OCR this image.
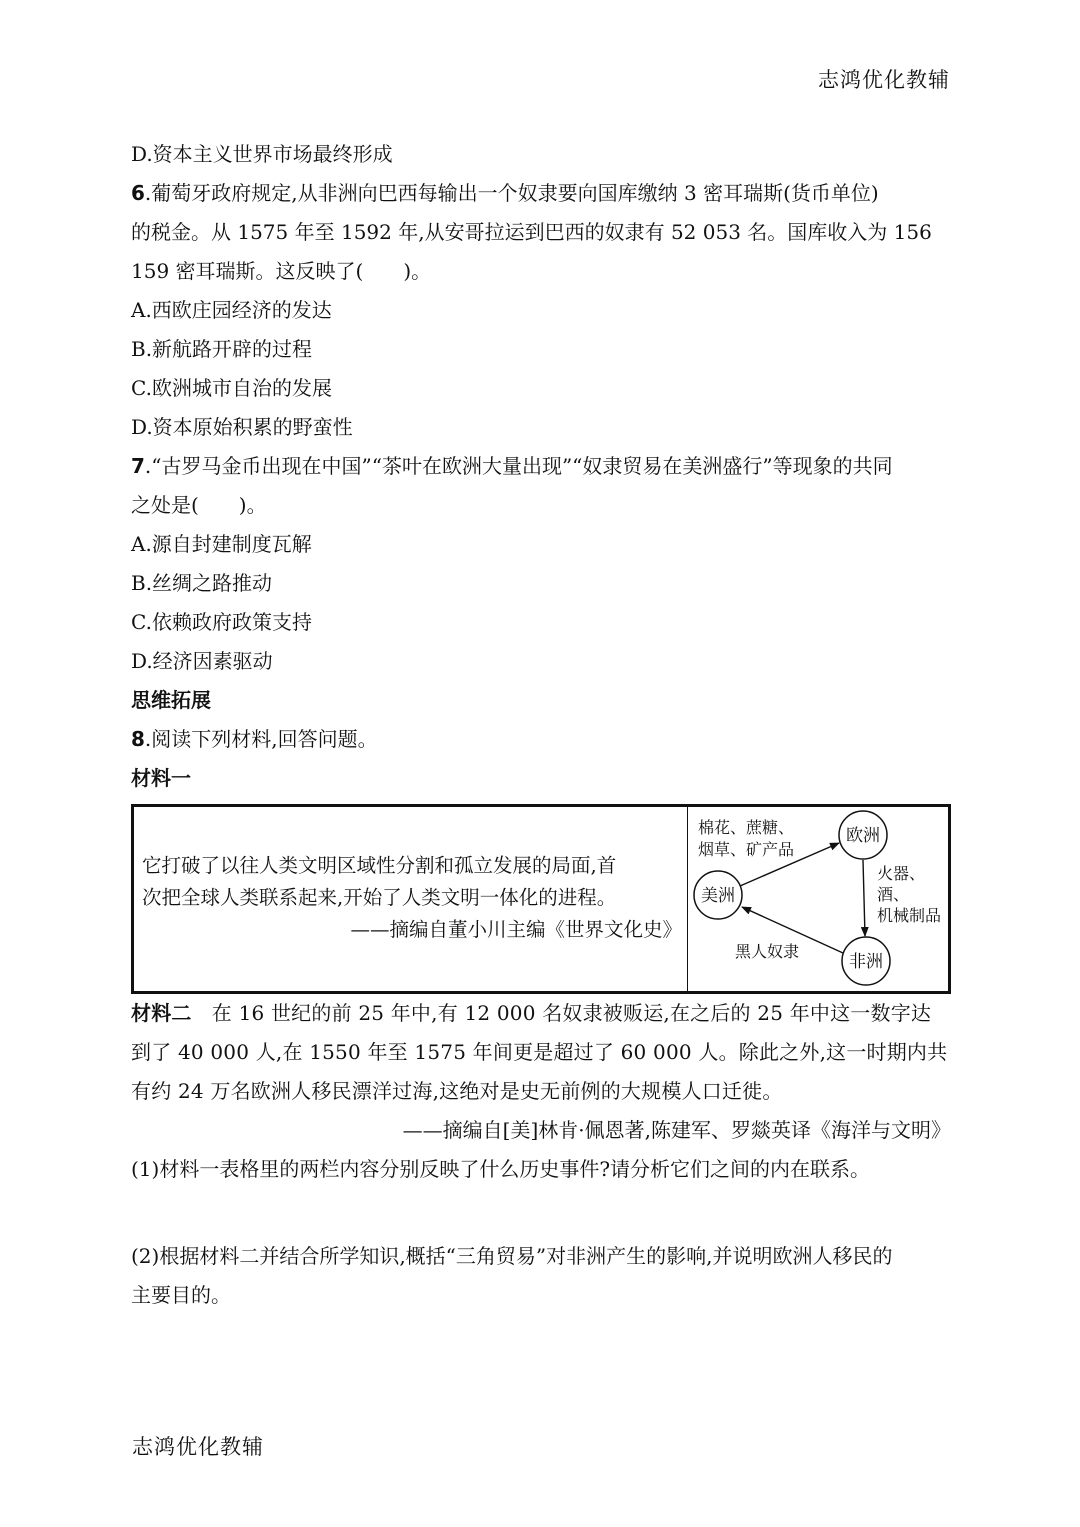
志鸿优化教辅
D.资本主义世界市场最终形成
6.葡萄牙政府规定,从非洲向巴西每输出一个奴隶要向国库缴纳 3 密耳瑞斯(货币单位)
的税金。从 1575 年至 1592 年,从安哥拉运到巴西的奴隶有 52 053 名。国库收入为 156
159 密耳瑞斯。这反映了(　　)。
A.西欧庄园经济的发达
B.新航路开辟的过程
C.欧洲城市自治的发展
D.资本原始积累的野蛮性
7.“古罗马金币出现在中国”“茶叶在欧洲大量出现”“奴隶贸易在美洲盛行”等现象的共同
之处是(　　)。
A.源自封建制度瓦解
B.丝绸之路推动
C.依赖政府政策支持
D.经济因素驱动
思维拓展
8.阅读下列材料,回答问题。
材料一
它打破了以往人类文明区域性分割和孤立发展的局面,首
次把全球人类联系起来,开始了人类文明一体化的进程。
——摘编自董小川主编《世界文化史》
欧洲
美洲
非洲
棉花、蔗糖、
烟草、矿产品
火器、
酒、
机械制品
黑人奴隶
材料二　在 16 世纪的前 25 年中,有 12 000 名奴隶被贩运,在之后的 25 年中这一数字达
到了 40 000 人,在 1550 年至 1575 年间更是超过了 60 000 人。除此之外,这一时期内共
有约 24 万名欧洲人移民漂洋过海,这绝对是史无前例的大规模人口迁徙。
——摘编自[美]林肯·佩恩著,陈建军、罗燚英译《海洋与文明》
(1)材料一表格里的两栏内容分别反映了什么历史事件?请分析它们之间的内在联系。
(2)根据材料二并结合所学知识,概括“三角贸易”对非洲产生的影响,并说明欧洲人移民的
主要目的。
志鸿优化教辅
